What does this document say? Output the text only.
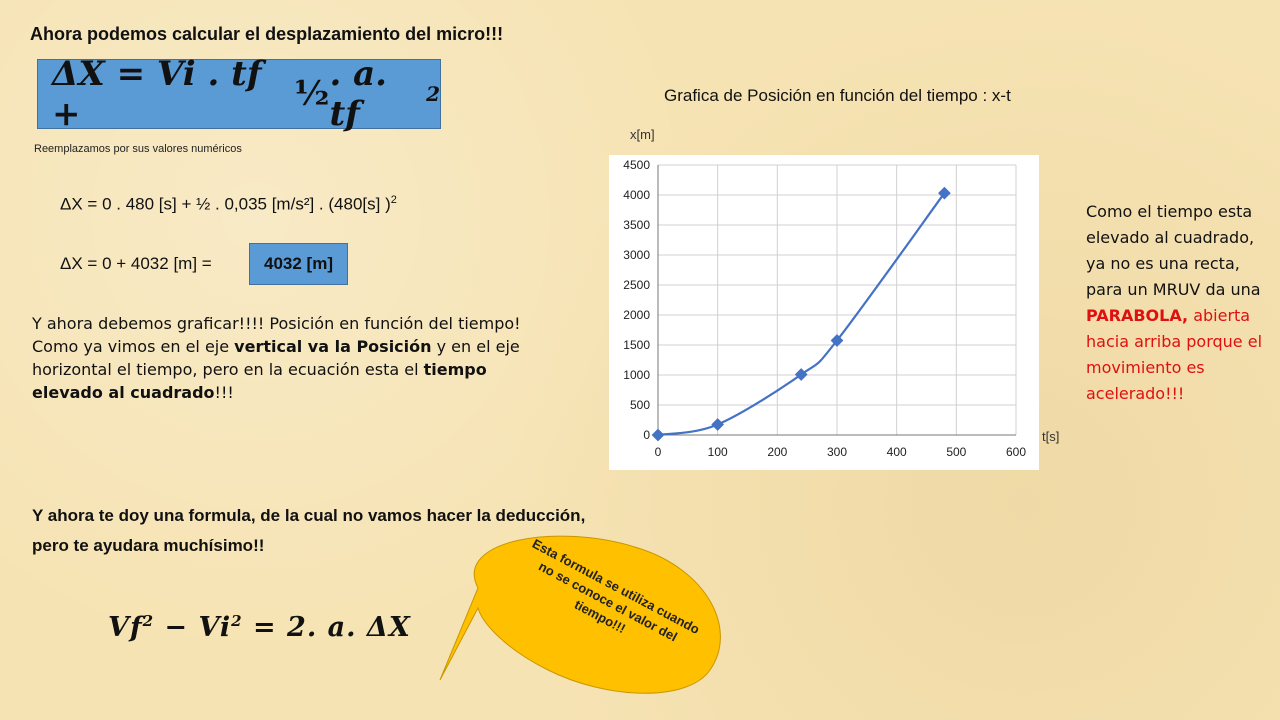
Ahora podemos calcular el desplazamiento del micro!!!
ΔX = Vi . tf +	½ . a. tf	2
Reemplazamos por sus valores numéricos
ΔX = 0 . 480 [s] + ½ . 0,035 [m/s²] . (480[s] )$^2$
ΔX = 0 + 4032 [m] =	4032 [m]
Y ahora debemos graficar!!!! Posición en función del tiempo!
Como ya vimos en el eje vertical va la Posición y en el eje horizontal el tiempo, pero en la ecuación esta el tiempo elevado al cuadrado!!!
Y ahora te doy una formula, de la cual no vamos hacer la deducción, pero te ayudara muchísimo!!
$Vf^2 - Vi^2 = 2$. a. ΔX	Esta formula se utiliza cuando no se conoce el valor del tiempo!!!
Grafica de Posición en función del tiempo : x-t
x[m]
t[s]
0
500
1000
1500
2000
2500
3000
3500
4000
4500
0	100	200	300	400	500	600
Como el tiempo esta elevado al cuadrado, ya no es una recta, para un MRUV da una PARABOLA, abierta hacia arriba porque el movimiento es acelerado!!!
